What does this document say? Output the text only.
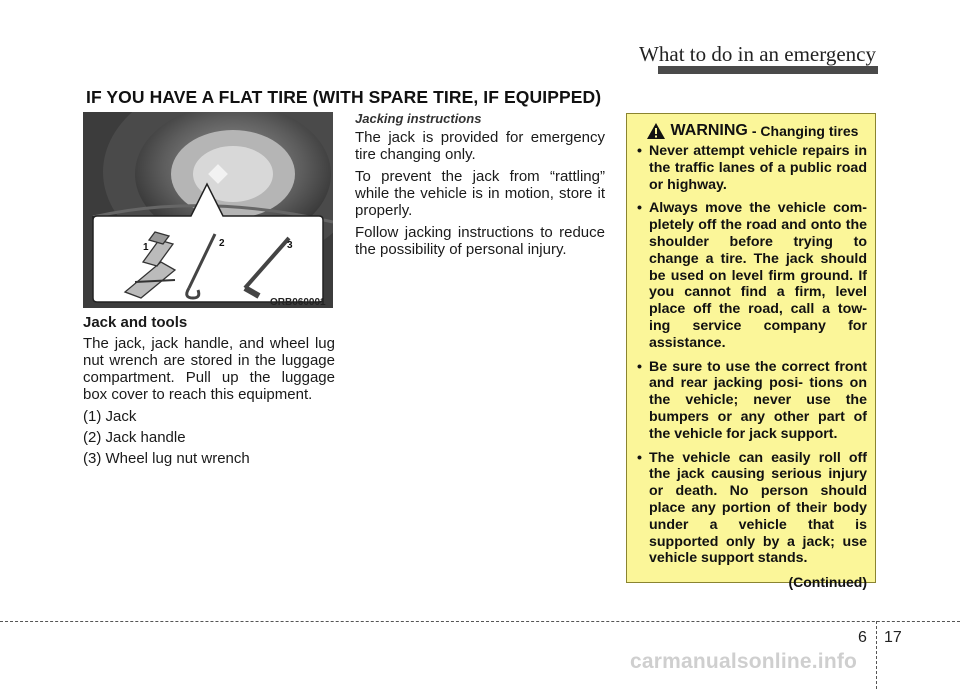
What to do in an emergency
IF YOU HAVE A FLAT TIRE (WITH SPARE TIRE, IF EQUIPPED)
1	2	3
ORB060001

Jack and tools

The jack, jack handle, and wheel lug nut wrench are stored in the luggage compartment. Pull up the luggage box cover to reach this equipment.

(1) Jack

(2) Jack handle

(3) Wheel lug nut wrench

Jacking instructions

The jack is provided for emergency tire changing only.

To prevent the jack from “rattling” while the vehicle is in motion, store it properly.

Follow jacking instructions to reduce the possibility of personal injury.

WARNING - Changing tires
• Never attempt vehicle repairs in the traffic lanes of a public road or highway.
• Always move the vehicle com- pletely off the road and onto the shoulder before trying to change a tire. The jack should be used on level firm ground. If you cannot find a firm, level place off the road, call a tow- ing service company for assistance.
• Be sure to use the correct front and rear jacking posi- tions on the vehicle; never use the bumpers or any other part of the vehicle for jack support.
• The vehicle can easily roll off the jack causing serious injury or death. No person should place any portion of their body under a vehicle that is supported only by a jack; use vehicle support stands.
(Continued)
6 17
carmanualsonline.info
